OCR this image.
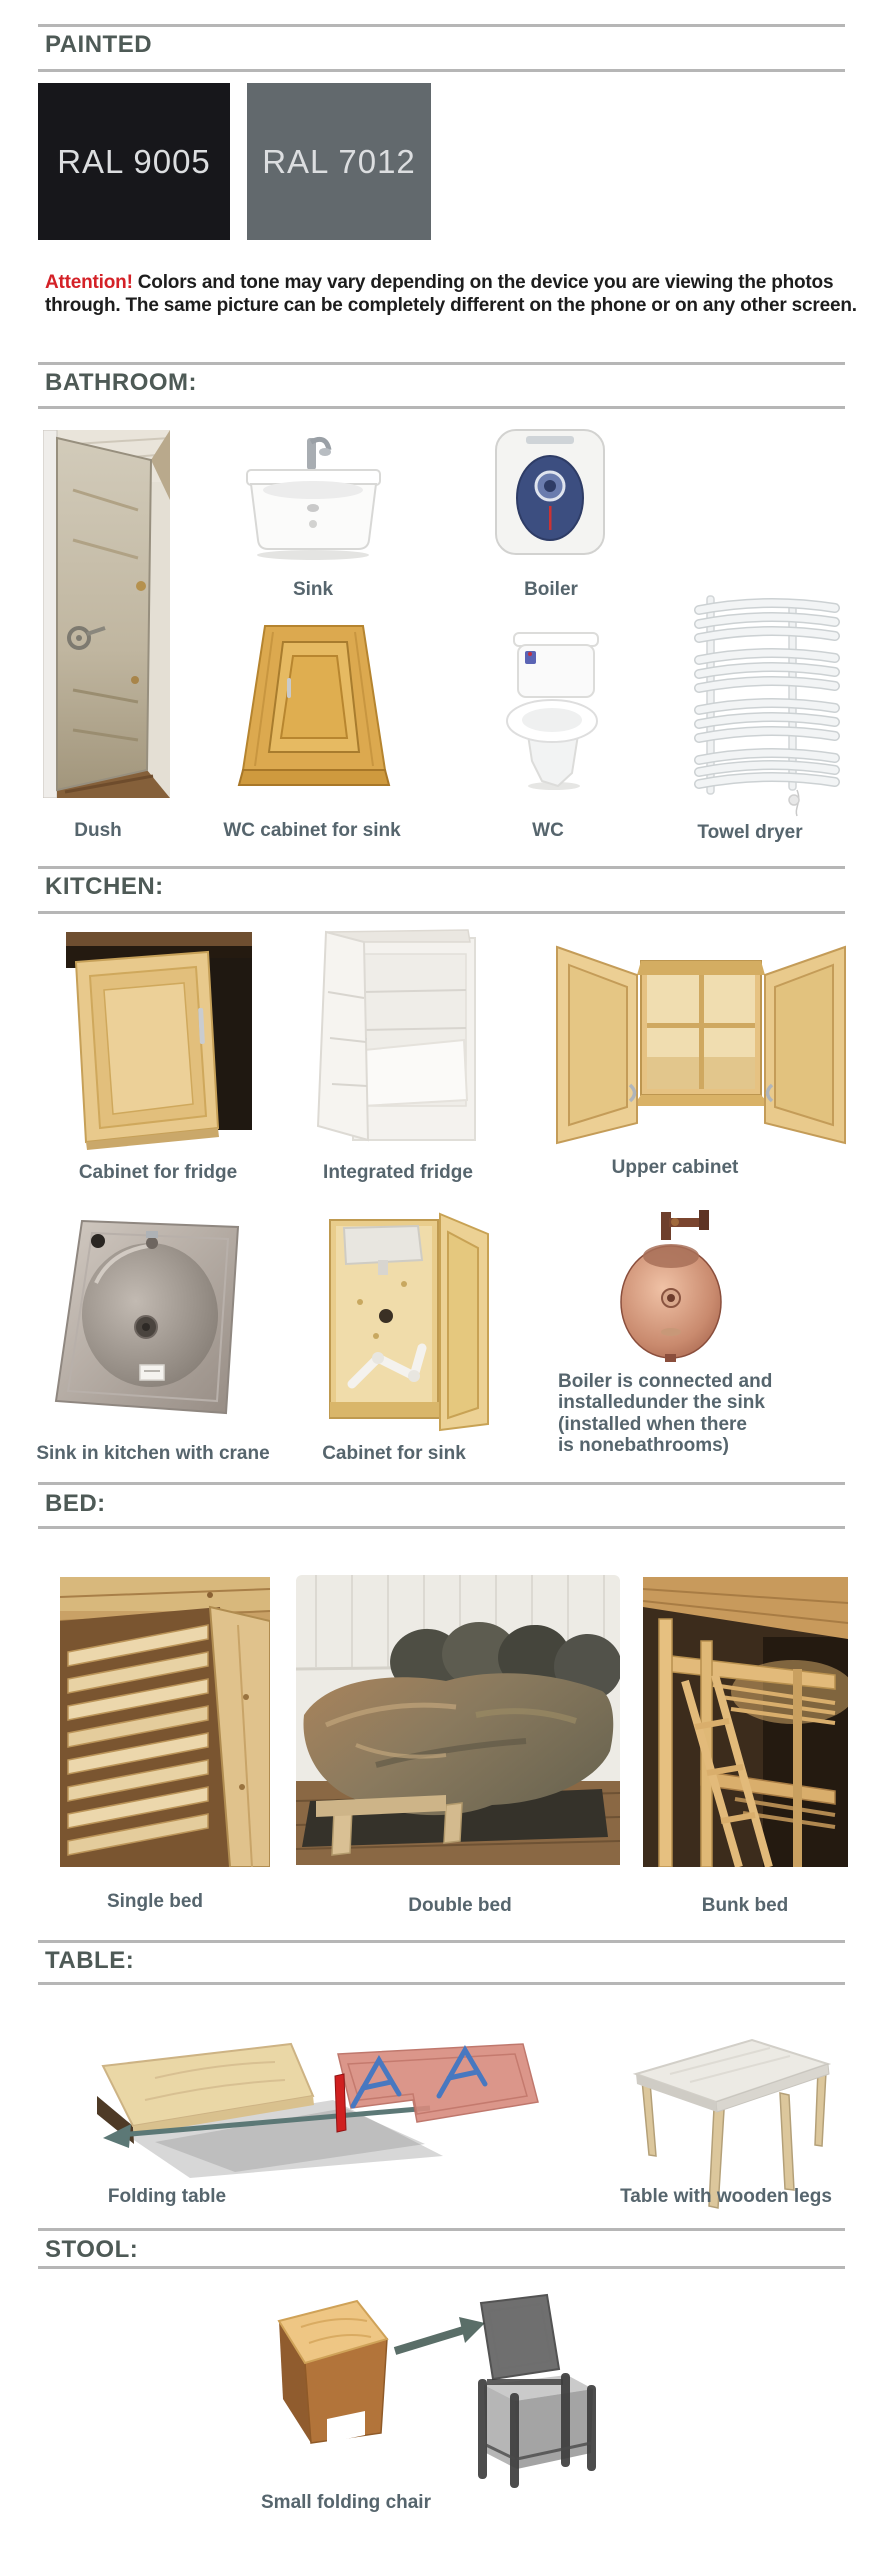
PAINTED
RAL 9005 RAL 7012

Attention! Colors and tone may vary depending on the device you are viewing the photos through. The same picture can be completely different on the phone or on any other screen.

BATHROOM:
Sink	Boiler
Dush	WC cabinet for sink	WC	Towel dryer
KITCHEN:
Cabinet for fridge	Integrated fridge	Upper cabinet
Boiler is connected and
installedunder the sink
(installed when there
is nonebathrooms)
Sink in kitchen with crane	Cabinet for sink
BED:
Single bed	Double bed	Bunk bed
TABLE:
Folding table	Table with wooden legs
STOOL:
Small folding chair
